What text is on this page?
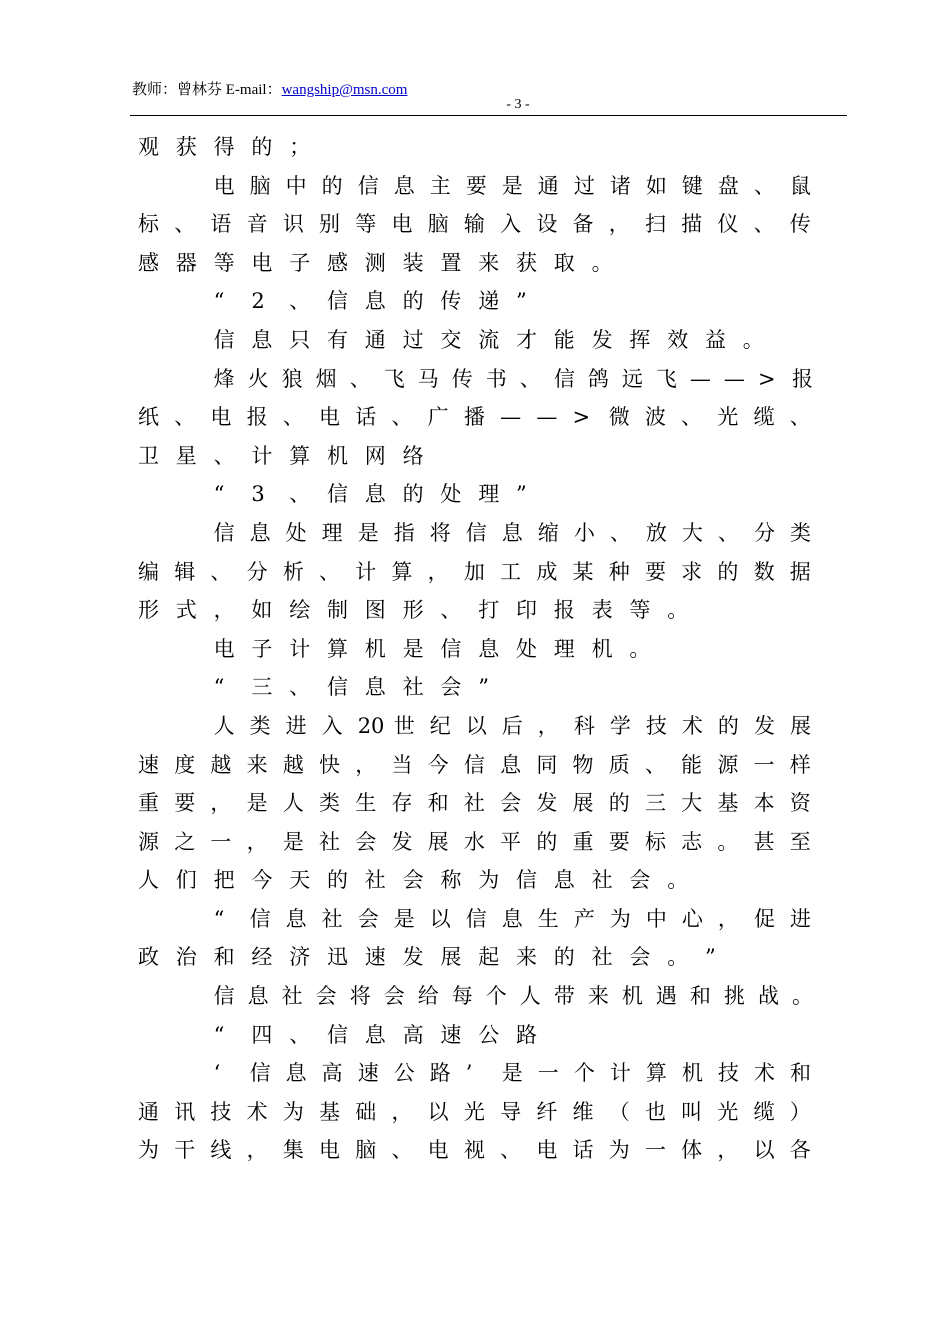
教师：曾林芬 E-mail：wangship@msn.com
- 3 -
观 获 得 的 ；
电 脑 中 的 信 息 主 要 是 通 过 诸 如 键 盘 、 鼠
标 、 语 音 识 别 等 电 脑 输 入 设 备 ， 扫 描 仪 、 传
感 器 等 电 子 感 测 装 置 来 获 取 。
“ 2 、 信 息 的 传 递 ”
信 息 只 有 通 过 交 流 才 能 发 挥 效 益 。
烽 火 狼 烟 、 飞 马 传 书 、 信 鸽 远 飞 — — > 报
纸 、 电 报 、 电 话 、 广 播 — — > 微 波 、 光 缆 、
卫 星 、 计 算 机 网 络
“ 3 、 信 息 的 处 理 ”
信 息 处 理 是 指 将 信 息 缩 小 、 放 大 、 分 类
编 辑 、 分 析 、 计 算 ， 加 工 成 某 种 要 求 的 数 据
形 式 ， 如 绘 制 图 形 、 打 印 报 表 等 。
电 子 计 算 机 是 信 息 处 理 机 。
“ 三 、 信 息 社 会 ”
人 类 进 入 20 世 纪 以 后 ， 科 学 技 术 的 发 展
速 度 越 来 越 快 ， 当 今 信 息 同 物 质 、 能 源 一 样
重 要 ， 是 人 类 生 存 和 社 会 发 展 的 三 大 基 本 资
源 之 一 ， 是 社 会 发 展 水 平 的 重 要 标 志 。 甚 至
人 们 把 今 天 的 社 会 称 为 信 息 社 会 。
“ 信 息 社 会 是 以 信 息 生 产 为 中 心 ， 促 进
政 治 和 经 济 迅 速 发 展 起 来 的 社 会 。 ”
信 息 社 会 将 会 给 每 个 人 带 来 机 遇 和 挑 战 。
“ 四 、 信 息 高 速 公 路
‘ 信 息 高 速 公 路 ’ 是 一 个 计 算 机 技 术 和
通 讯 技 术 为 基 础 ， 以 光 导 纤 维 （ 也 叫 光 缆 ）
为 干 线 ， 集 电 脑 、 电 视 、 电 话 为 一 体 ， 以 各
